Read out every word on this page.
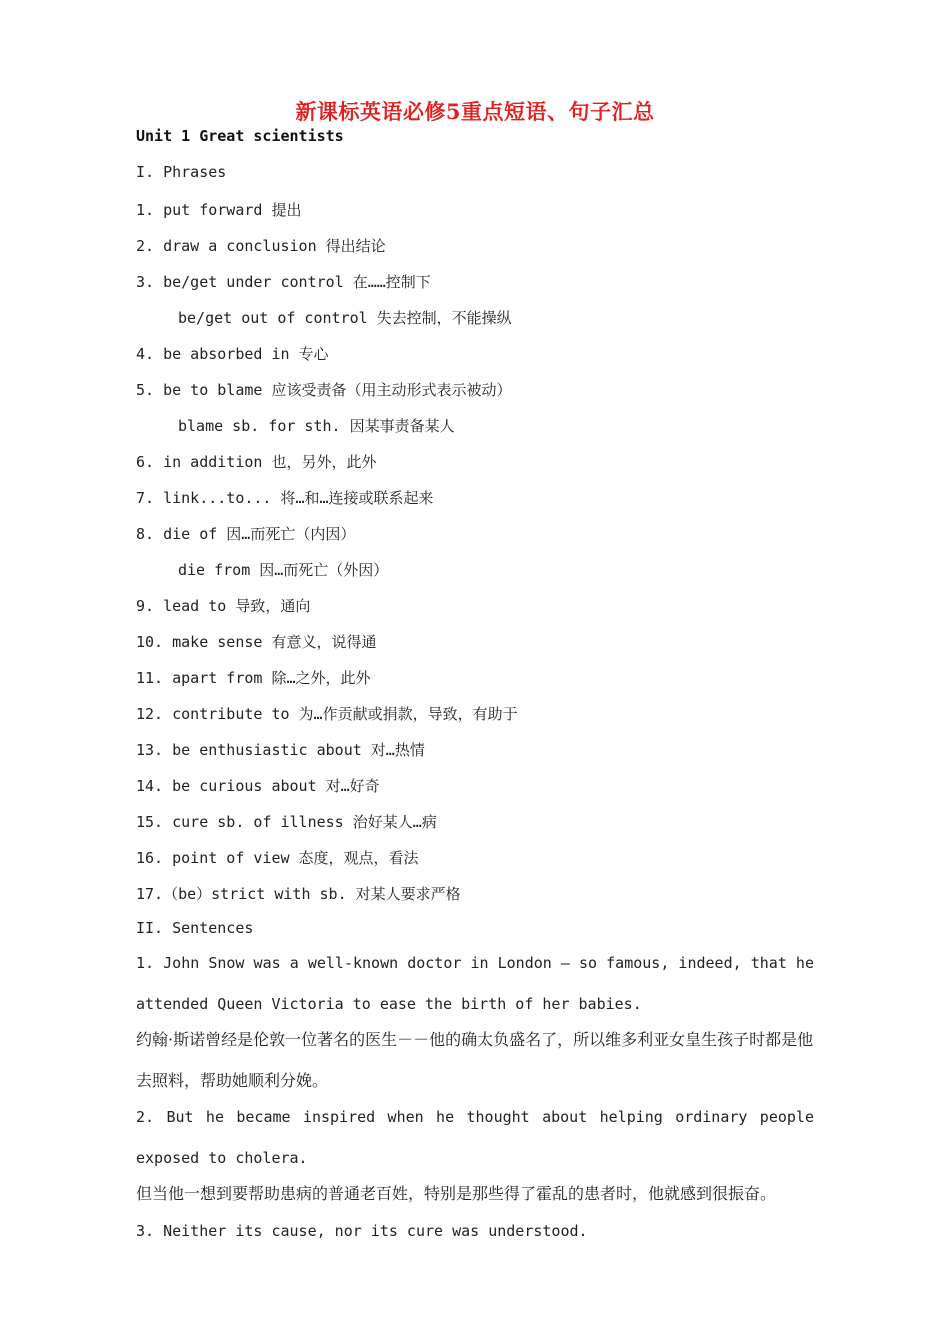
新课标英语必修5重点短语、句子汇总
Unit 1 Great scientists
I. Phrases
1. put forward 提出
2. draw a conclusion 得出结论
3. be/get under control 在……控制下
be/get out of control 失去控制，不能操纵
4. be absorbed in 专心
5. be to blame 应该受责备（用主动形式表示被动）
blame sb. for sth. 因某事责备某人
6. in addition 也，另外，此外
7. link...to... 将…和…连接或联系起来
8. die of 因…而死亡（内因）
die from 因…而死亡（外因）
9. lead to 导致，通向
10. make sense 有意义，说得通
11. apart from 除…之外，此外
12. contribute to 为…作贡献或捐款，导致，有助于
13. be enthusiastic about 对…热情
14. be curious about 对…好奇
15. cure sb. of illness 治好某人…病
16. point of view 态度，观点，看法
17.（be）strict with sb. 对某人要求严格
II. Sentences
1. John Snow was a well-known doctor in London – so famous, indeed, that he attended Queen Victoria to ease the birth of her babies.
约翰·斯诺曾经是伦敦一位著名的医生－－他的确太负盛名了，所以维多利亚女皇生孩子时都是他去照料，帮助她顺利分娩。
2. But he became inspired when he thought about helping ordinary people exposed to cholera.
但当他一想到要帮助患病的普通老百姓，特别是那些得了霍乱的患者时，他就感到很振奋。
3. Neither its cause, nor its cure was understood.
